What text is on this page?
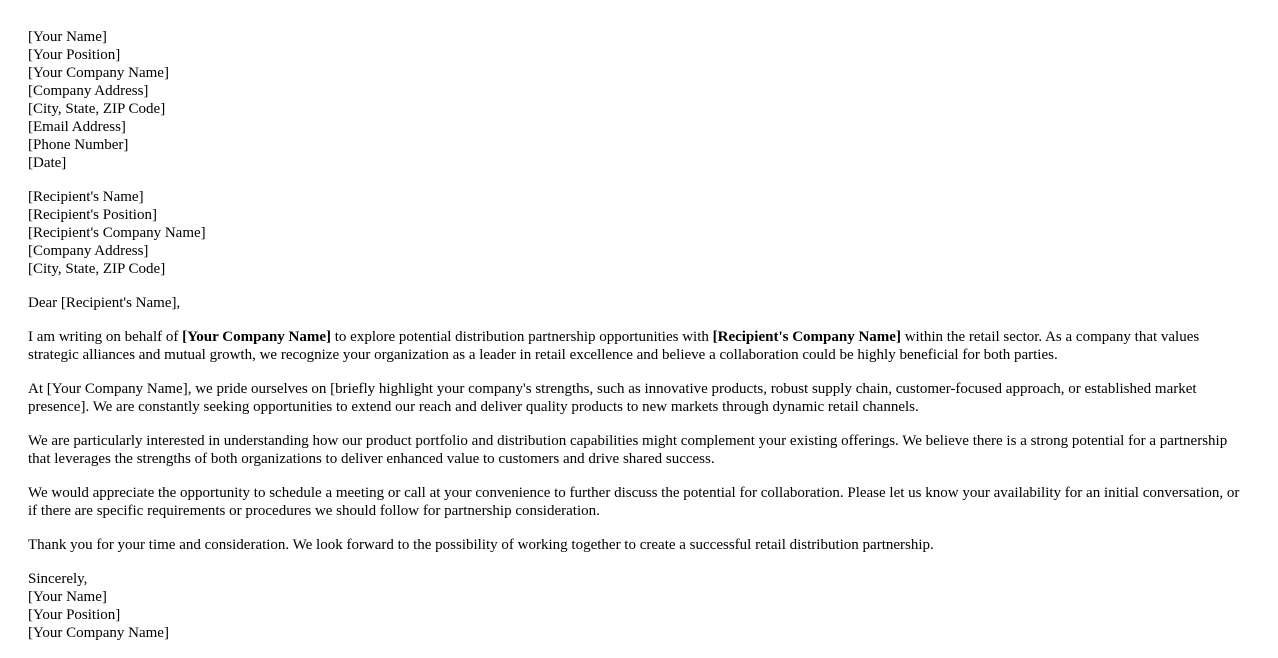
[Your Name]
[Your Position]
[Your Company Name]
[Company Address]
[City, State, ZIP Code]
[Email Address]
[Phone Number]
[Date]
[Recipient's Name]
[Recipient's Position]
[Recipient's Company Name]
[Company Address]
[City, State, ZIP Code]

Dear [Recipient's Name],

I am writing on behalf of [Your Company Name] to explore potential distribution partnership opportunities with [Recipient's Company Name] within the retail sector. As a company that values strategic alliances and mutual growth, we recognize your organization as a leader in retail excellence and believe a collaboration could be highly beneficial for both parties.

At [Your Company Name], we pride ourselves on [briefly highlight your company's strengths, such as innovative products, robust supply chain, customer-focused approach, or established market presence]. We are constantly seeking opportunities to extend our reach and deliver quality products to new markets through dynamic retail channels.

We are particularly interested in understanding how our product portfolio and distribution capabilities might complement your existing offerings. We believe there is a strong potential for a partnership that leverages the strengths of both organizations to deliver enhanced value to customers and drive shared success.

We would appreciate the opportunity to schedule a meeting or call at your convenience to further discuss the potential for collaboration. Please let us know your availability for an initial conversation, or if there are specific requirements or procedures we should follow for partnership consideration.

Thank you for your time and consideration. We look forward to the possibility of working together to create a successful retail distribution partnership.

Sincerely,
[Your Name]
[Your Position]
[Your Company Name]
